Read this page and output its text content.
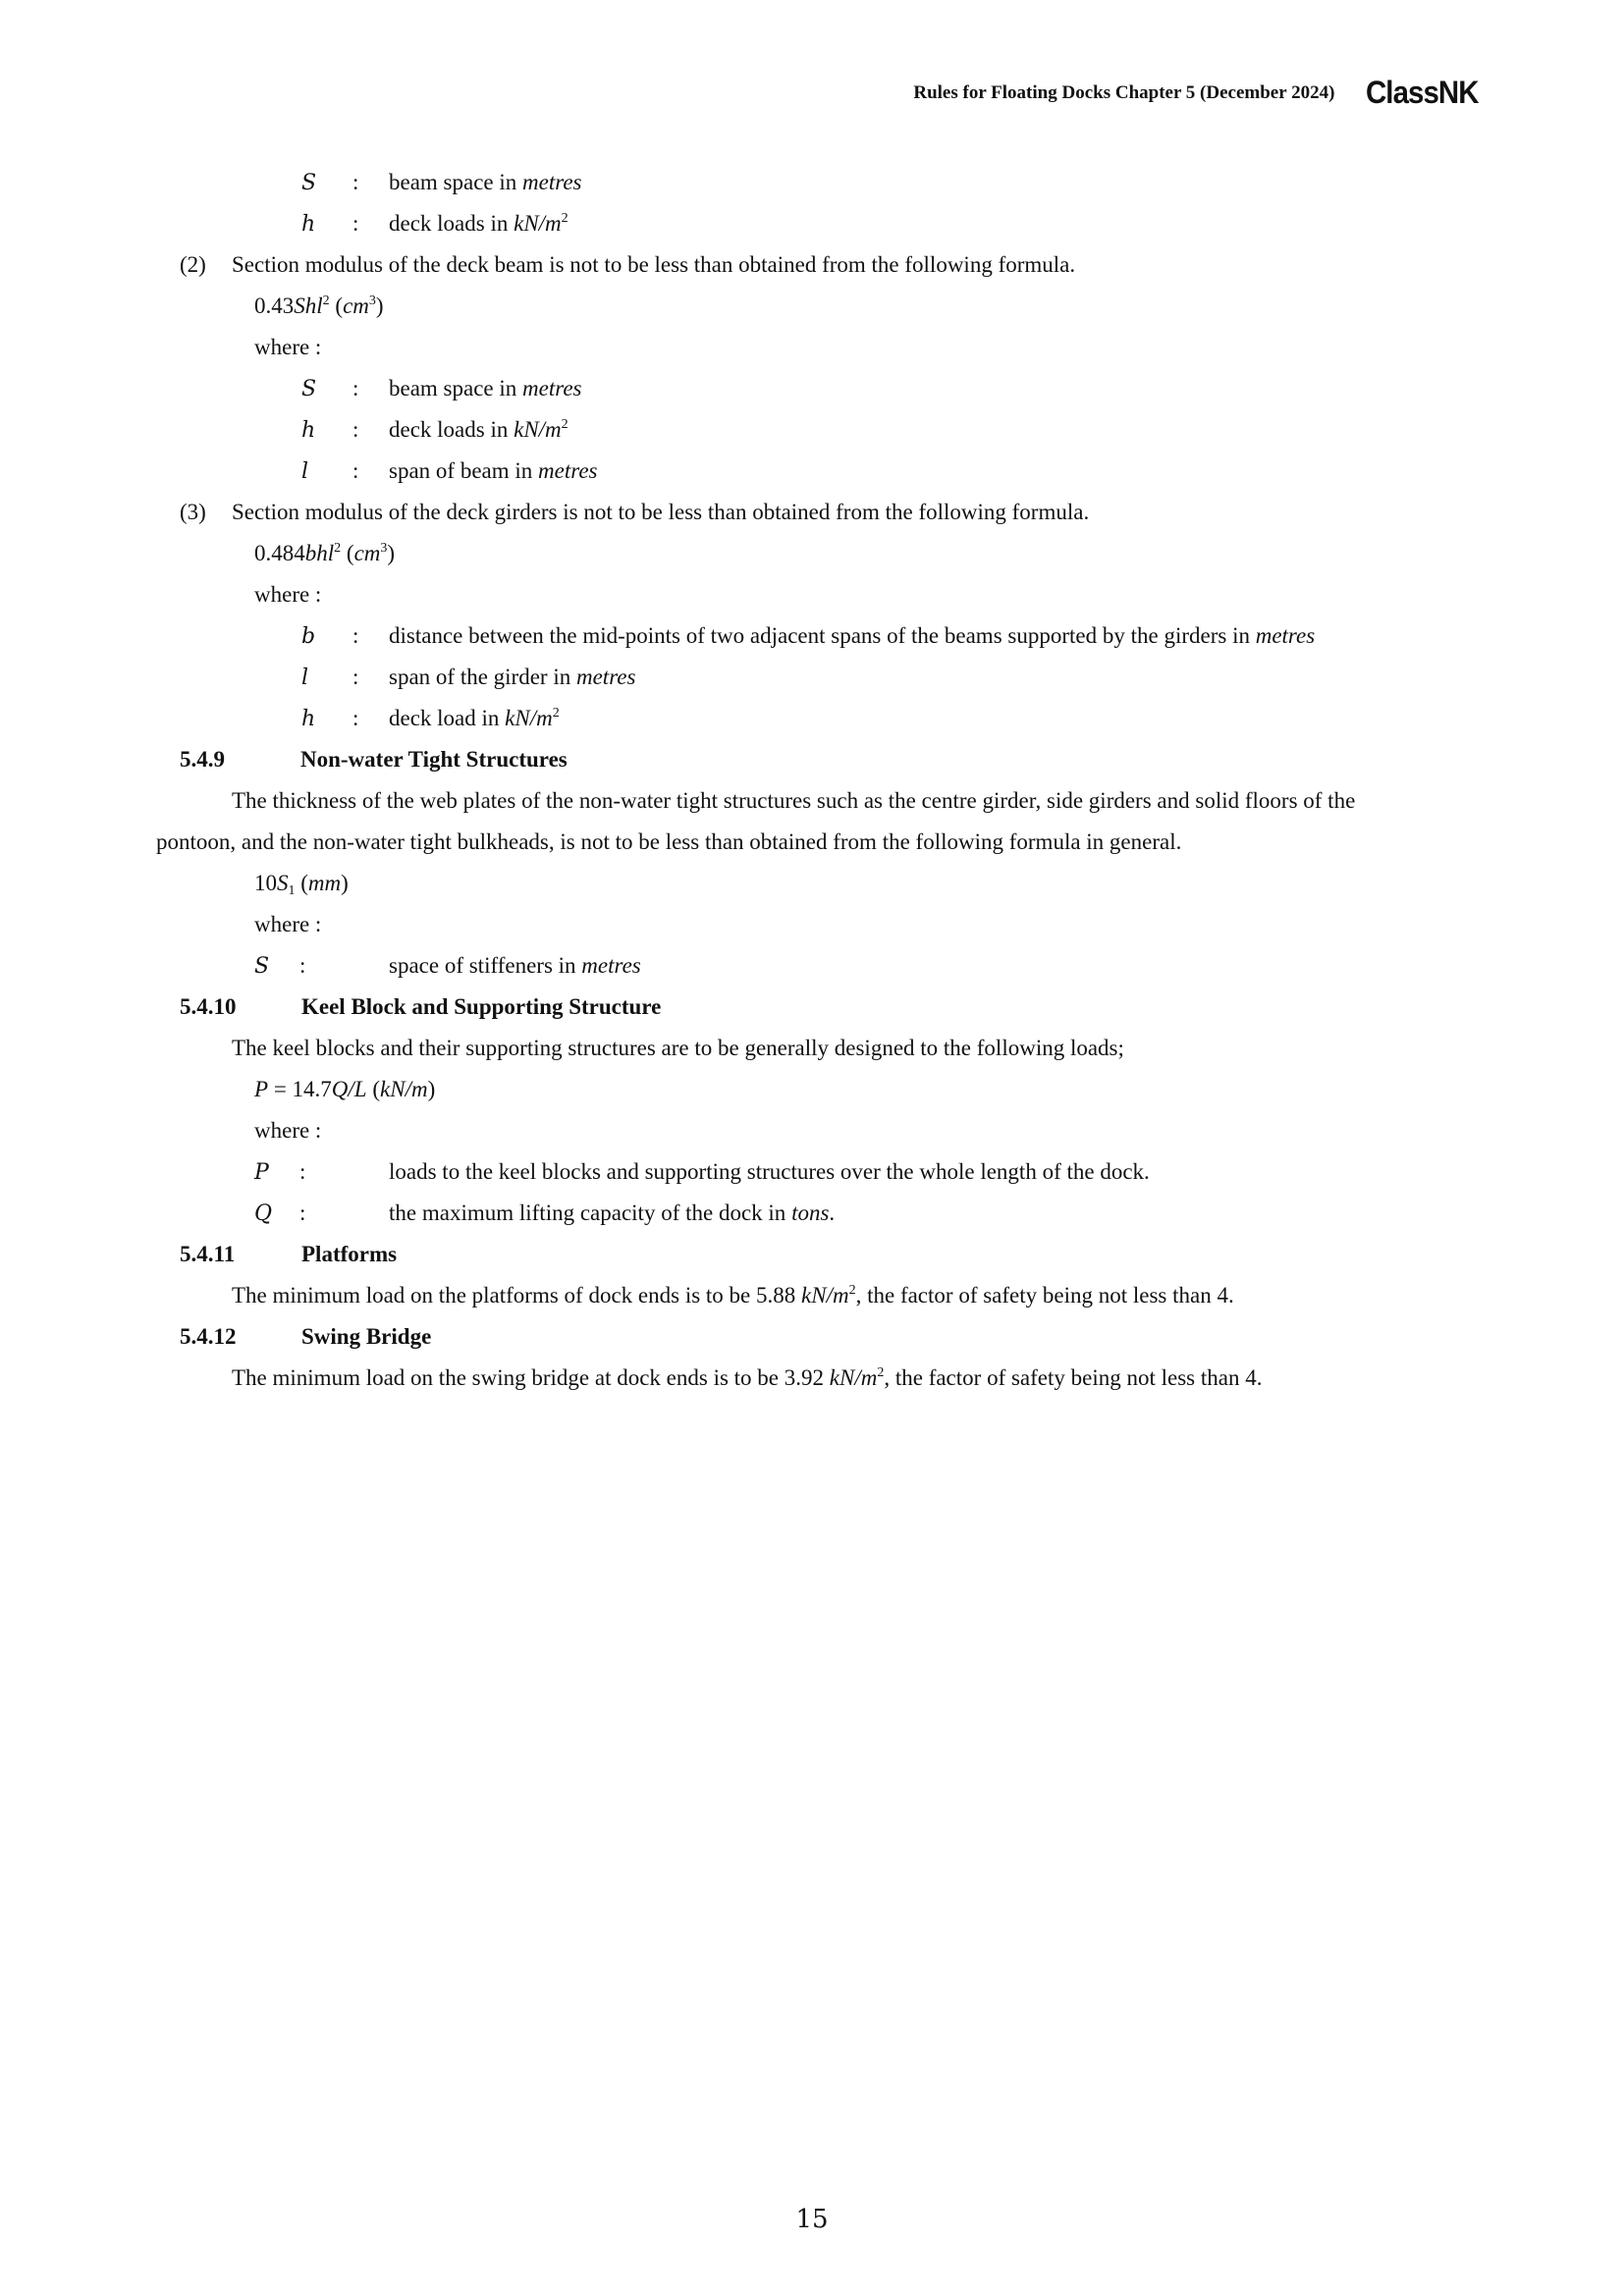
Rules for Floating Docks Chapter 5 (December 2024) ClassNK
S : beam space in metres
h : deck loads in $kN/m^2$
(2) Section modulus of the deck beam is not to be less than obtained from the following formula.
0.43Shl$^2$ $(cm^3)$
where :
S : beam space in metres
h : deck loads in $kN/m^2$
l : span of beam in metres
(3) Section modulus of the deck girders is not to be less than obtained from the following formula.
0.484bhl$^2$ $(cm^3)$
where :
b : distance between the mid-points of two adjacent spans of the beams supported by the girders in metres
l : span of the girder in metres
h : deck load in $kN/m^2$
5.4.9	Non-water Tight Structures
The thickness of the web plates of the non-water tight structures such as the centre girder, side girders and solid floors of the
pontoon, and the non-water tight bulkheads, is not to be less than obtained from the following formula in general.
$10S_1$ (mm)
where :
S :	space of stiffeners in metres
5.4.10	Keel Block and Supporting Structure
The keel blocks and their supporting structures are to be generally designed to the following loads;
P = 14.7Q/L (kN/m)
where :
P :	loads to the keel blocks and supporting structures over the whole length of the dock.
Q :	the maximum lifting capacity of the dock in tons.
5.4.11	Platforms
The minimum load on the platforms of dock ends is to be 5.88 $kN/m^2$, the factor of safety being not less than 4.
5.4.12	Swing Bridge
The minimum load on the swing bridge at dock ends is to be 3.92 $kN/m^2$, the factor of safety being not less than 4.
15
